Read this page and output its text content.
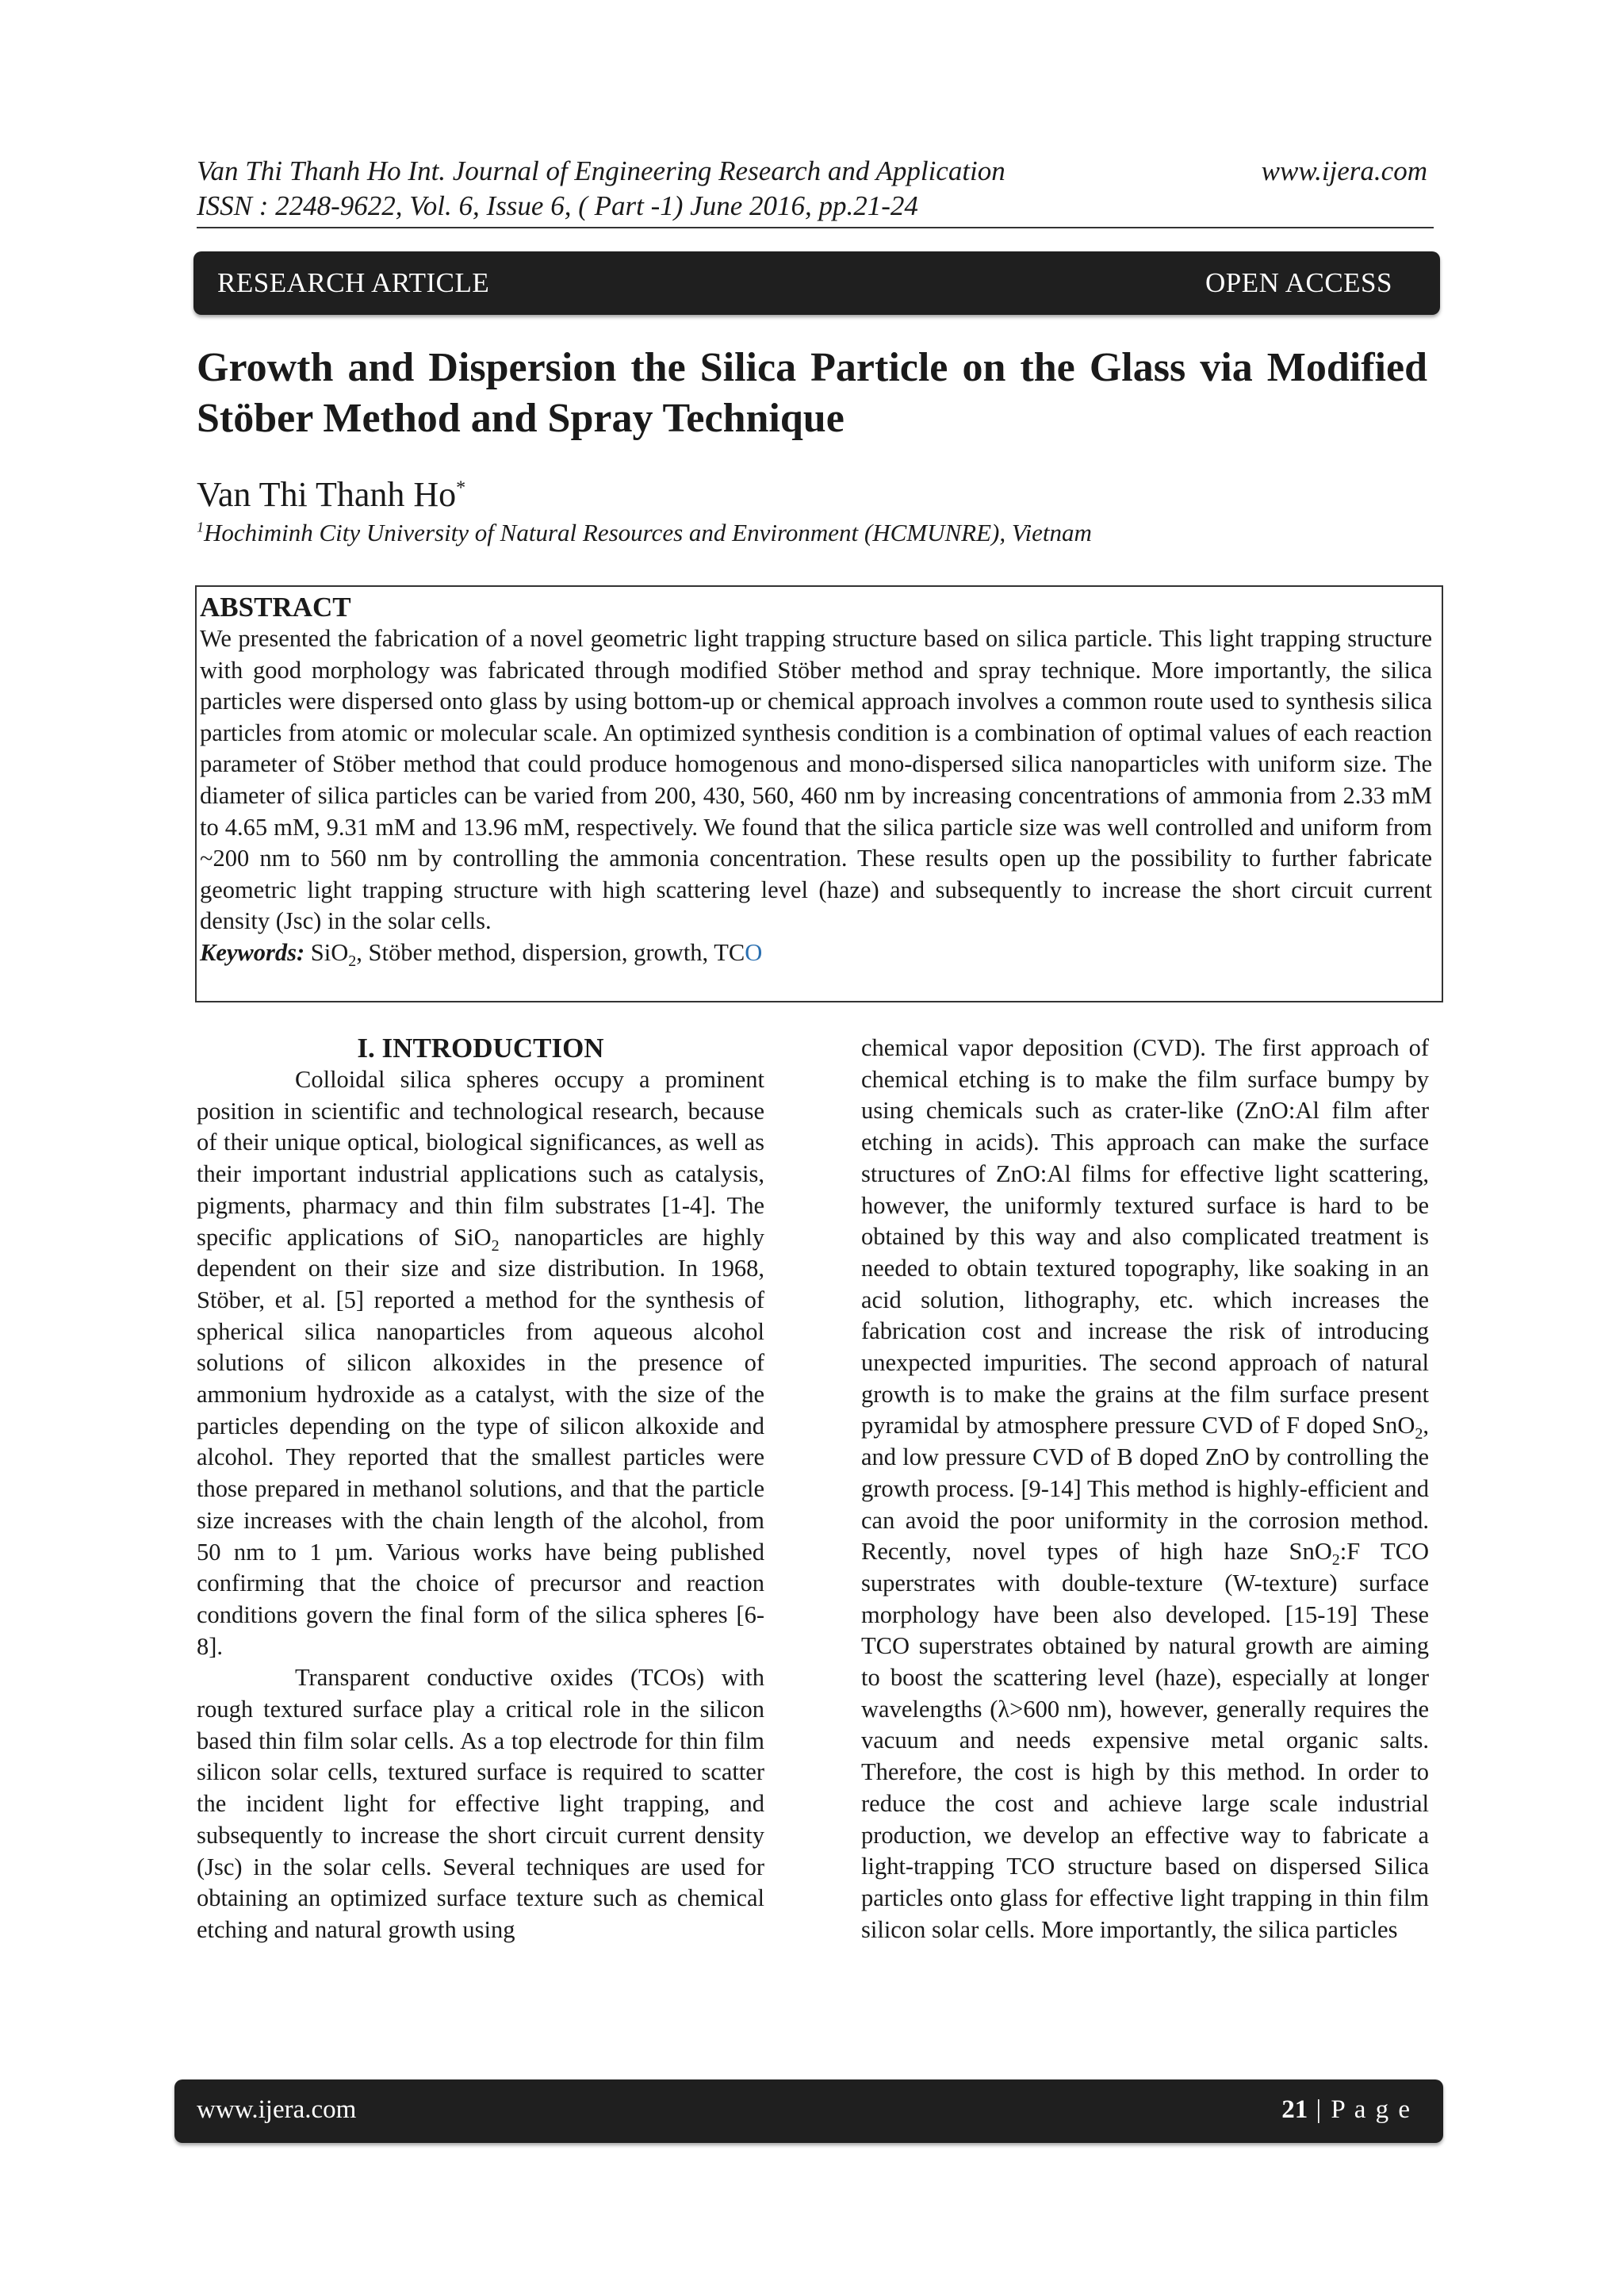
Van Thi Thanh Ho Int. Journal of Engineering Research and Application
ISSN : 2248-9622, Vol. 6, Issue 6, ( Part -1) June 2016, pp.21-24
www.ijera.com
RESEARCH ARTICLE	OPEN ACCESS
Growth and Dispersion the Silica Particle on the Glass via Modified Stöber Method and Spray Technique
Van Thi Thanh Ho*
$^1$Hochiminh City University of Natural Resources and Environment (HCMUNRE), Vietnam
ABSTRACT
We presented the fabrication of a novel geometric light trapping structure based on silica particle. This light trapping structure with good morphology was fabricated through modified Stöber method and spray technique. More importantly, the silica particles were dispersed onto glass by using bottom-up or chemical approach involves a common route used to synthesis silica particles from atomic or molecular scale. An optimized synthesis condition is a combination of optimal values of each reaction parameter of Stöber method that could produce homogenous and mono-dispersed silica nanoparticles with uniform size. The diameter of silica particles can be varied from 200, 430, 560, 460 nm by increasing concentrations of ammonia from 2.33 mM to 4.65 mM, 9.31 mM and 13.96 mM, respectively. We found that the silica particle size was well controlled and uniform from ~200 nm to 560 nm by controlling the ammonia concentration. These results open up the possibility to further fabricate geometric light trapping structure with high scattering level (haze) and subsequently to increase the short circuit current density (Jsc) in the solar cells.
Keywords: SiO$_2$, Stöber method, dispersion, growth, TCO
I. INTRODUCTION

Colloidal silica spheres occupy a prominent position in scientific and technological research, because of their unique optical, biological significances, as well as their important industrial applications such as catalysis, pigments, pharmacy and thin film substrates [1-4]. The specific applications of SiO$_2$ nanoparticles are highly dependent on their size and size distribution. In 1968, Stöber, et al. [5] reported a method for the synthesis of spherical silica nanoparticles from aqueous alcohol solutions of silicon alkoxides in the presence of ammonium hydroxide as a catalyst, with the size of the particles depending on the type of silicon alkoxide and alcohol. They reported that the smallest particles were those prepared in methanol solutions, and that the particle size increases with the chain length of the alcohol, from 50 nm to 1 µm. Various works have being published confirming that the choice of precursor and reaction conditions govern the final form of the silica spheres [6-8].

Transparent conductive oxides (TCOs) with rough textured surface play a critical role in the silicon based thin film solar cells. As a top electrode for thin film silicon solar cells, textured surface is required to scatter the incident light for effective light trapping, and subsequently to increase the short circuit current density (Jsc) in the solar cells. Several techniques are used for obtaining an optimized surface texture such as chemical etching and natural growth using

chemical vapor deposition (CVD). The first approach of chemical etching is to make the film surface bumpy by using chemicals such as crater-like (ZnO:Al film after etching in acids). This approach can make the surface structures of ZnO:Al films for effective light scattering, however, the uniformly textured surface is hard to be obtained by this way and also complicated treatment is needed to obtain textured topography, like soaking in an acid solution, lithography, etc. which increases the fabrication cost and increase the risk of introducing unexpected impurities. The second approach of natural growth is to make the grains at the film surface present pyramidal by atmosphere pressure CVD of F doped SnO$_2$, and low pressure CVD of B doped ZnO by controlling the growth process. [9-14] This method is highly-efficient and can avoid the poor uniformity in the corrosion method. Recently, novel types of high haze SnO$_2$:F TCO superstrates with double-texture (W-texture) surface morphology have been also developed. [15-19] These TCO superstrates obtained by natural growth are aiming to boost the scattering level (haze), especially at longer wavelengths (λ>600 nm), however, generally requires the vacuum and needs expensive metal organic salts. Therefore, the cost is high by this method. In order to reduce the cost and achieve large scale industrial production, we develop an effective way to fabricate a light-trapping TCO structure based on dispersed Silica particles onto glass for effective light trapping in thin film silicon solar cells. More importantly, the silica particles

www.ijera.com	21 | P a g e
